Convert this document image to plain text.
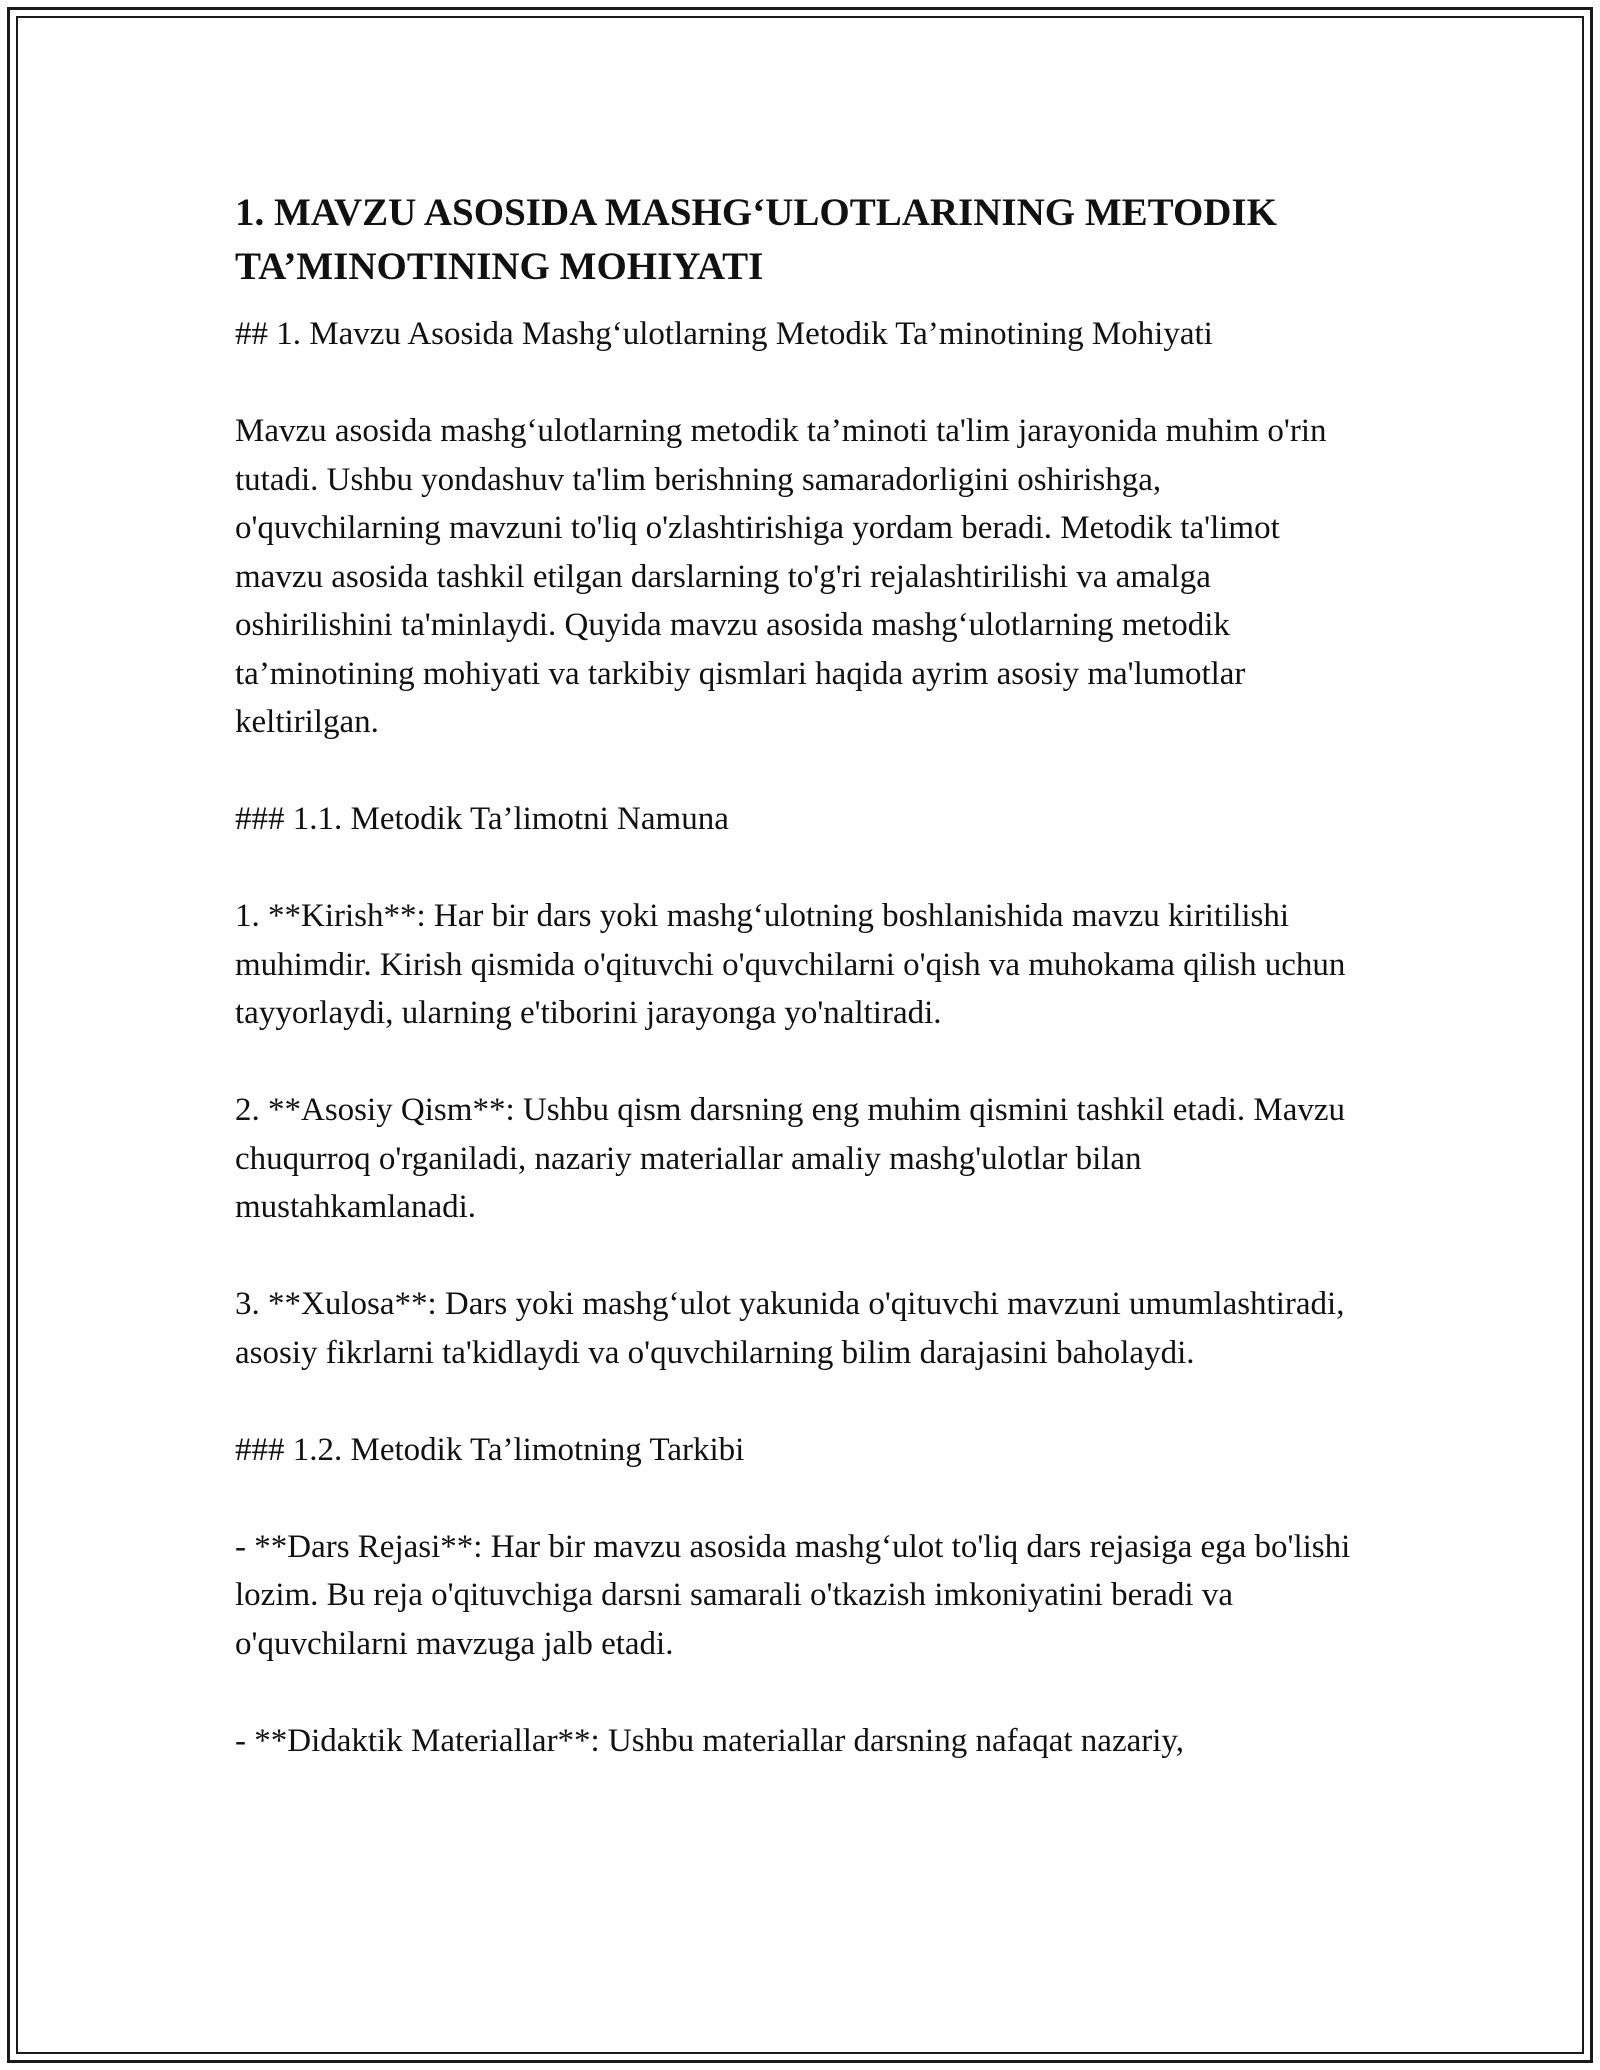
1. MAVZU ASOSIDA MASHG‘ULOTLARINING METODIK
TA’MINOTINING MOHIYATI

## 1. Mavzu Asosida Mashg‘ulotlarning Metodik Ta’minotining Mohiyati

Mavzu asosida mashg‘ulotlarning metodik ta’minoti ta'lim jarayonida muhim o'rin tutadi. Ushbu yondashuv ta'lim berishning samaradorligini oshirishga, o'quvchilarning mavzuni to'liq o'zlashtirishiga yordam beradi. Metodik ta'limot mavzu asosida tashkil etilgan darslarning to'g'ri rejalashtirilishi va amalga oshirilishini ta'minlaydi. Quyida mavzu asosida mashg‘ulotlarning metodik ta’minotining mohiyati va tarkibiy qismlari haqida ayrim asosiy ma'lumotlar keltirilgan.

### 1.1. Metodik Ta’limotni Namuna

1. **Kirish**: Har bir dars yoki mashg‘ulotning boshlanishida mavzu kiritilishi muhimdir. Kirish qismida o'qituvchi o'quvchilarni o'qish va muhokama qilish uchun tayyorlaydi, ularning e'tiborini jarayonga yo'naltiradi.

2. **Asosiy Qism**: Ushbu qism darsning eng muhim qismini tashkil etadi. Mavzu chuqurroq o'rganiladi, nazariy materiallar amaliy mashg'ulotlar bilan mustahkamlanadi.

3. **Xulosa**: Dars yoki mashg‘ulot yakunida o'qituvchi mavzuni umumlashtiradi, asosiy fikrlarni ta'kidlaydi va o'quvchilarning bilim darajasini baholaydi.

### 1.2. Metodik Ta’limotning Tarkibi

- **Dars Rejasi**: Har bir mavzu asosida mashg‘ulot to'liq dars rejasiga ega bo'lishi lozim. Bu reja o'qituvchiga darsni samarali o'tkazish imkoniyatini beradi va o'quvchilarni mavzuga jalb etadi.

- **Didaktik Materiallar**: Ushbu materiallar darsning nafaqat nazariy,
